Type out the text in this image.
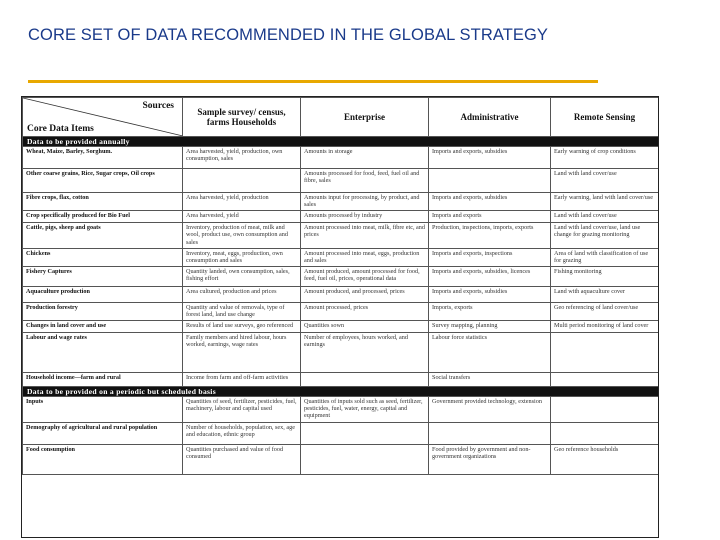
CORE SET OF DATA RECOMMENDED IN THE GLOBAL STRATEGY
Sources
Core Data Items	Sample survey/ census, farms Households	Enterprise	Administrative	Remote Sensing
Data to be provided annually				
Wheat, Maize, Barley, Sorghum.	Area harvested, yield, production, own consumption, sales	Amounts in storage	Imports and exports, subsidies	Early warning of crop conditions
Other coarse grains, Rice, Sugar crops, Oil crops		Amounts processed for food, feed, fuel oil and fibre, sales		Land with land cover/use
Fibre crops, flax, cotton	Area harvested, yield, production	Amounts input for processing, by product, and sales	Imports and exports, subsidies	Early warning, land with land cover/use
Crop specifically produced for Bio Fuel	Area harvested, yield	Amounts processed by industry	Imports and exports	Land with land cover/use
Cattle, pigs, sheep and goats	Inventory, production of meat, milk and wool, product use, own consumption and sales	Amount processed into meat, milk, fibre etc, and prices	Production, inspections, imports, exports	Land with land cover/use, land use change for grazing monitoring
Chickens	Inventory, meat, eggs, production, own consumption and sales	Amount processed into meat, eggs, production and sales	Imports and exports, inspections	Area of land with classification of use for grazing
Fishery Captures	Quantity landed, own consumption, sales, fishing effort	Amount produced, amount processed for food, feed, fuel oil, prices, operational data	Imports and exports, subsidies, licences	Fishing monitoring
Aquaculture production	Area cultured, production and prices	Amount produced, and processed, prices	Imports and exports, subsidies	Land with aquaculture cover
Production forestry	Quantity and value of removals, type of forest land, land use change	Amount processed, prices	Imports, exports	Geo referencing of land cover/use
Changes in land cover and use	Results of land use surveys, geo referenced	Quantities sown	Survey mapping, planning	Multi period monitoring of land cover
Labour and wage rates	Family members and hired labour, hours worked, earnings, wage rates	Number of employees, hours worked, and earnings	Labour force statistics	
Household income—farm and rural	Income from farm and off-farm activities		Social transfers	
Data to be provided on a periodic but scheduled basis				
Inputs	Quantities of seed, fertilizer, pesticides, fuel, machinery, labour and capital used	Quantities of inputs sold such as seed, fertilizer, pesticides, fuel, water, energy, capital and equipment	Government provided technology, extension	
Demography of agricultural and rural population	Number of households, population, sex, age and education, ethnic group			
Food consumption	Quantities purchased and value of food consumed		Food provided by government and non-government organizations	Geo reference households
